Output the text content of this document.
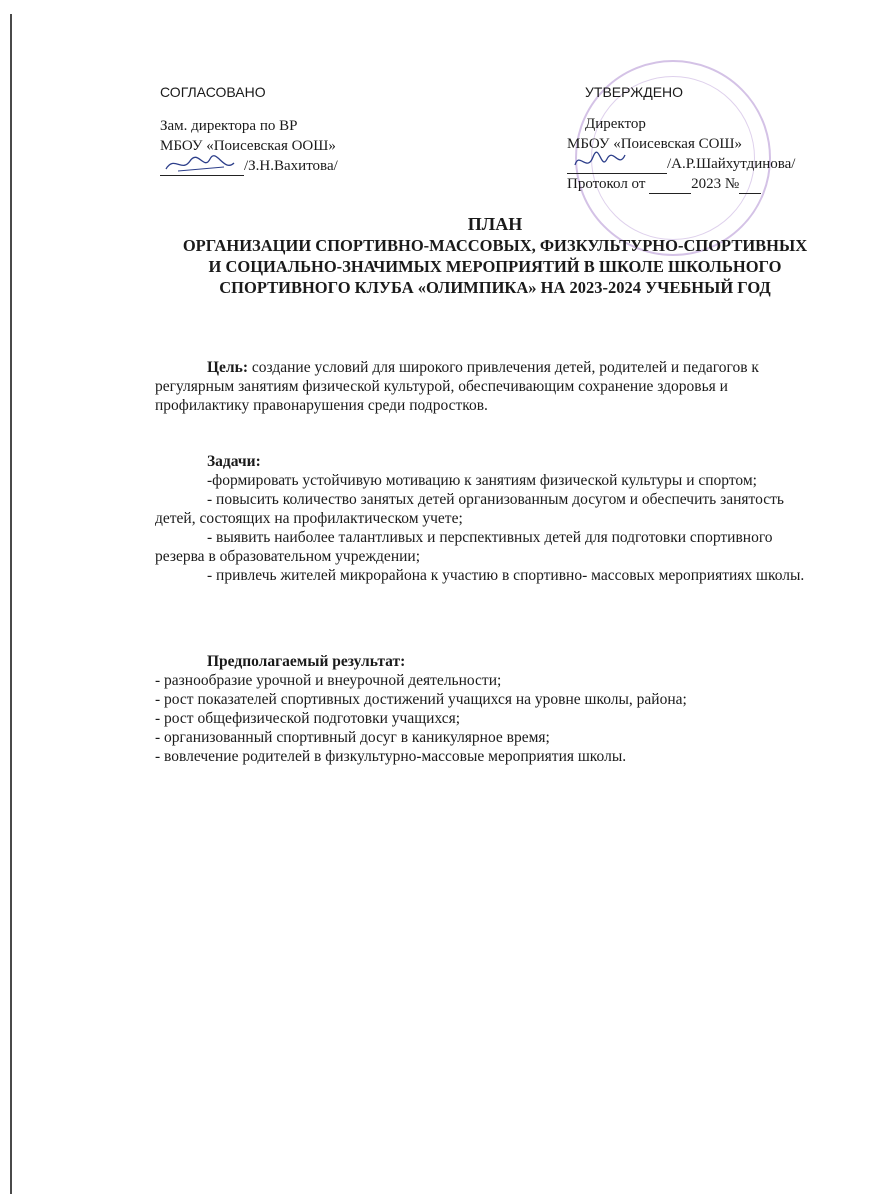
СОГЛАСОВАНО
Зам. директора по ВР
МБОУ «Поисевская ООШ»
/З.Н.Вахитова/
УТВЕРЖДЕНО
Директор
МБОУ «Поисевская СОШ»
/А.Р.Шайхутдинова/
Протокол от	2023 №
ПЛАН
ОРГАНИЗАЦИИ СПОРТИВНО-МАССОВЫХ, ФИЗКУЛЬТУРНО-СПОРТИВНЫХ
И СОЦИАЛЬНО-ЗНАЧИМЫХ МЕРОПРИЯТИЙ В ШКОЛЕ ШКОЛЬНОГО
СПОРТИВНОГО КЛУБА «ОЛИМПИКА» НА 2023-2024 УЧЕБНЫЙ ГОД

Цель: создание условий для широкого привлечения детей, родителей и педагогов к регулярным занятиям физической культурой, обеспечивающим сохранение здоровья и профилактику правонарушения среди подростков.

Задачи:

-формировать устойчивую мотивацию к занятиям физической культуры и спортом;

- повысить количество занятых детей организованным досугом и обеспечить занятость детей, состоящих на профилактическом учете;

- выявить наиболее талантливых и перспективных детей для подготовки спортивного резерва в образовательном учреждении;

- привлечь жителей микрорайона к участию в спортивно- массовых мероприятиях школы.

Предполагаемый результат:

- разнообразие урочной и внеурочной деятельности;

- рост показателей спортивных достижений учащихся на уровне школы, района;

- рост общефизической подготовки учащихся;

- организованный спортивный досуг в каникулярное время;

- вовлечение родителей в физкультурно-массовые мероприятия школы.
